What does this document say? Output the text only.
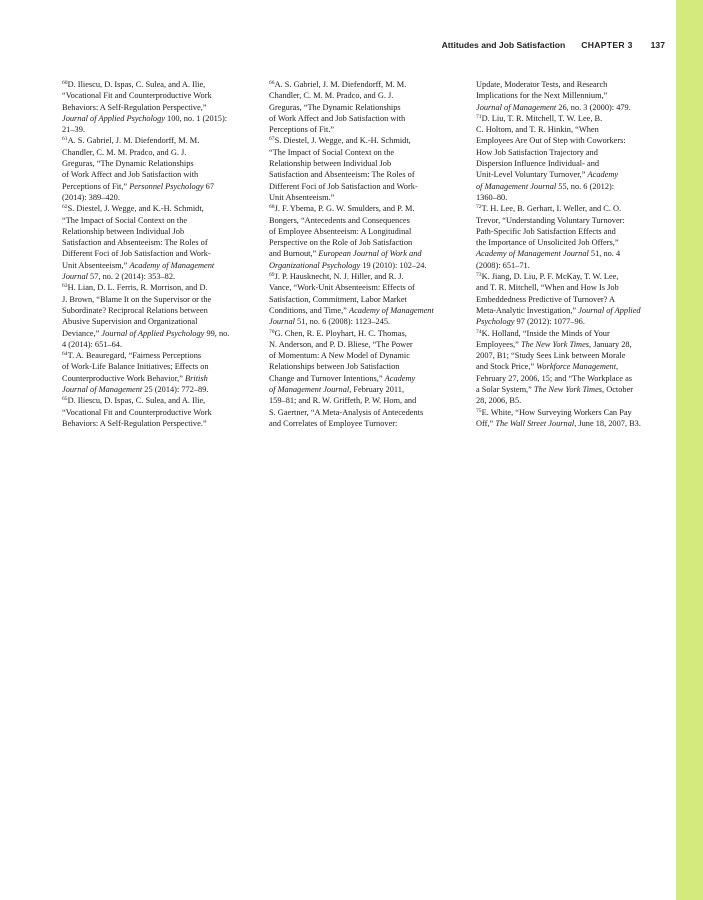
Attitudes and Job Satisfaction CHAPTER 3 137
$^{60}$D. Iliescu, D. Ispas, C. Sulea, and A. Ilie,
“Vocational Fit and Counterproductive Work
Behaviors: A Self-Regulation Perspective,”
Journal of Applied Psychology 100, no. 1 (2015):
21–39.
$^{61}$A. S. Gabriel, J. M. Diefendorff, M. M.
Chandler, C. M. M. Pradco, and G. J.
Greguras, “The Dynamic Relationships
of Work Affect and Job Satisfaction with
Perceptions of Fit,” Personnel Psychology 67
(2014): 389–420.
$^{62}$S. Diestel, J. Wegge, and K.-H. Schmidt,
“The Impact of Social Context on the
Relationship between Individual Job
Satisfaction and Absenteeism: The Roles of
Different Foci of Job Satisfaction and Work-
Unit Absenteeism,” Academy of Management
Journal 57, no. 2 (2014): 353–82.
$^{63}$H. Lian, D. L. Ferris, R. Morrison, and D.
J. Brown, “Blame It on the Supervisor or the
Subordinate? Reciprocal Relations between
Abusive Supervision and Organizational
Deviance,” Journal of Applied Psychology 99, no.
4 (2014): 651–64.
$^{64}$T. A. Beauregard, “Fairness Perceptions
of Work-Life Balance Initiatives; Effects on
Counterproductive Work Behavior,” British
Journal of Management 25 (2014): 772–89.
$^{65}$D. Iliescu, D. Ispas, C. Sulea, and A. Ilie,
“Vocational Fit and Counterproductive Work
Behaviors: A Self-Regulation Perspective.”
$^{66}$A. S. Gabriel, J. M. Diefendorff, M. M.
Chandler, C. M. M. Pradco, and G. J.
Greguras, “The Dynamic Relationships
of Work Affect and Job Satisfaction with
Perceptions of Fit.”
$^{67}$S. Diestel, J. Wegge, and K.-H. Schmidt,
“The Impact of Social Context on the
Relationship between Individual Job
Satisfaction and Absenteeism: The Roles of
Different Foci of Job Satisfaction and Work-
Unit Absenteeism.”
$^{68}$J. F. Ybema, P. G. W. Smulders, and P. M.
Bongers, “Antecedents and Consequences
of Employee Absenteeism: A Longitudinal
Perspective on the Role of Job Satisfaction
and Burnout,” European Journal of Work and
Organizational Psychology 19 (2010): 102–24.
$^{69}$J. P. Hausknecht, N. J. Hiller, and R. J.
Vance, “Work-Unit Absenteeism: Effects of
Satisfaction, Commitment, Labor Market
Conditions, and Time,” Academy of Management
Journal 51, no. 6 (2008): 1123–245.
$^{70}$G. Chen, R. E. Ployhart, H. C. Thomas,
N. Anderson, and P. D. Bliese, “The Power
of Momentum: A New Model of Dynamic
Relationships between Job Satisfaction
Change and Turnover Intentions,” Academy
of Management Journal, February 2011,
159–81; and R. W. Griffeth, P. W. Hom, and
S. Gaertner, “A Meta-Analysis of Antecedents
and Correlates of Employee Turnover:
Update, Moderator Tests, and Research
Implications for the Next Millennium,”
Journal of Management 26, no. 3 (2000): 479.
$^{71}$D. Liu, T. R. Mitchell, T. W. Lee, B.
C. Holtom, and T. R. Hinkin, “When
Employees Are Out of Step with Coworkers:
How Job Satisfaction Trajectory and
Dispersion Influence Individual- and
Unit-Level Voluntary Turnover,” Academy
of Management Journal 55, no. 6 (2012):
1360–80.
$^{72}$T. H. Lee, B. Gerhart, I. Weller, and C. O.
Trevor, “Understanding Voluntary Turnover:
Path-Specific Job Satisfaction Effects and
the Importance of Unsolicited Job Offers,”
Academy of Management Journal 51, no. 4
(2008): 651–71.
$^{73}$K. Jiang, D. Liu, P. F. McKay, T. W. Lee,
and T. R. Mitchell, “When and How Is Job
Embeddedness Predictive of Turnover? A
Meta-Analytic Investigation,” Journal of Applied
Psychology 97 (2012): 1077–96.
$^{74}$K. Holland, “Inside the Minds of Your
Employees,” The New York Times, January 28,
2007, B1; “Study Sees Link between Morale
and Stock Price,” Workforce Management,
February 27, 2006, 15; and “The Workplace as
a Solar System,” The New York Times, October
28, 2006, B5.
$^{75}$E. White, “How Surveying Workers Can Pay
Off,” The Wall Street Journal, June 18, 2007, B3.
